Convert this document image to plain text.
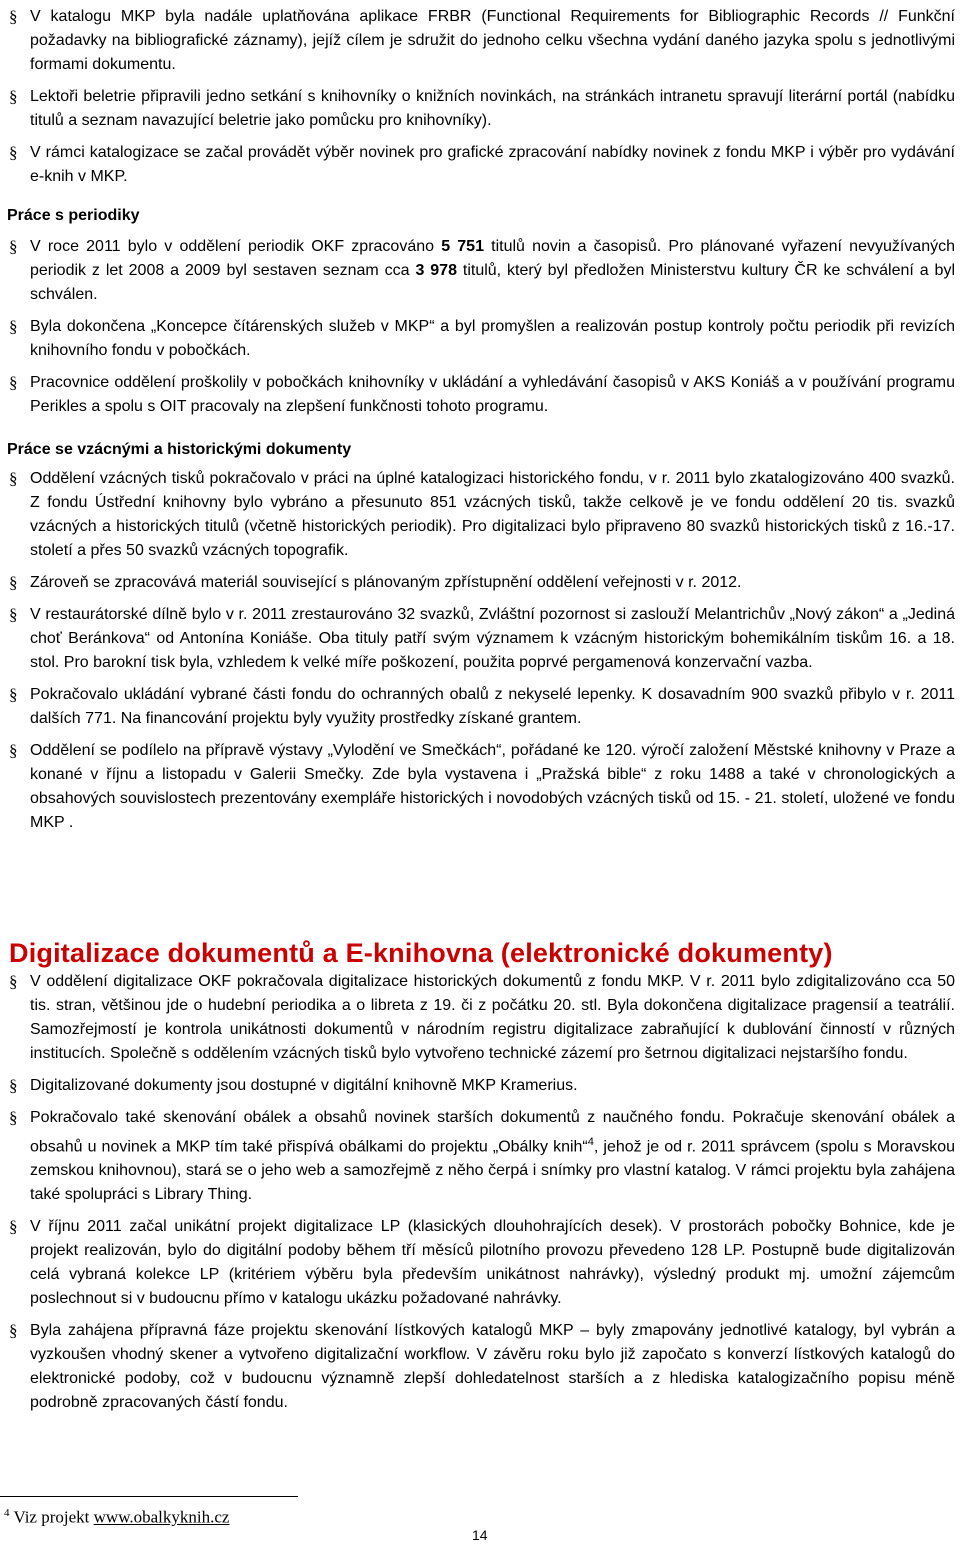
§ V katalogu MKP byla nadále uplatňována aplikace FRBR (Functional Requirements for Bibliographic Records // Funkční požadavky na bibliografické záznamy), jejíž cílem je sdružit do jednoho celku všechna vydání daného jazyka spolu s jednotlivými formami dokumentu.
§ Lektoři beletrie připravili jedno setkání s knihovníky o knižních novinkách, na stránkách intranetu spravují literární portál (nabídku titulů a seznam navazující beletrie jako pomůcku pro knihovníky).
§ V rámci katalogizace se začal provádět výběr novinek pro grafické zpracování nabídky novinek z fondu MKP i výběr pro vydávání e-knih v MKP.
Práce s periodiky
§ V roce 2011 bylo v oddělení periodik OKF zpracováno 5 751 titulů novin a časopisů. Pro plánované vyřazení nevyužívaných periodik z let 2008 a 2009 byl sestaven seznam cca 3 978 titulů, který byl předložen Ministerstvu kultury ČR ke schválení a byl schválen.
§ Byla dokončena „Koncepce čítárenských služeb v MKP“ a byl promyšlen a realizován postup kontroly počtu periodik při revizích knihovního fondu v pobočkách.
§ Pracovnice oddělení proškolily v pobočkách knihovníky v ukládání a vyhledávání časopisů v AKS Koniáš a v používání programu Perikles a spolu s OIT pracovaly na zlepšení funkčnosti tohoto programu.
Práce se vzácnými a historickými dokumenty
§ Oddělení vzácných tisků pokračovalo v práci na úplné katalogizaci historického fondu, v r. 2011 bylo zkatalogizováno 400 svazků. Z fondu Ústřední knihovny bylo vybráno a přesunuto 851 vzácných tisků, takže celkově je ve fondu oddělení 20 tis. svazků vzácných a historických titulů (včetně historických periodik). Pro digitalizaci bylo připraveno 80 svazků historických tisků z 16.-17. století a přes 50 svazků vzácných topografik.
§ Zároveň se zpracovává materiál související s plánovaným zpřístupnění oddělení veřejnosti v r. 2012.
§ V restaurátorské dílně bylo v r. 2011 zrestaurováno 32 svazků, Zvláštní pozornost si zaslouží Melantrichův „Nový zákon“ a „Jediná choť Beránkova“ od Antonína Koniáše. Oba tituly patří svým významem k vzácným historickým bohemikálním tiskům 16. a 18. stol. Pro barokní tisk byla, vzhledem k velké míře poškození, použita poprvé pergamenová konzervační vazba.
§ Pokračovalo ukládání vybrané části fondu do ochranných obalů z nekyselé lepenky. K dosavadním 900 svazků přibylo v r. 2011 dalších 771. Na financování projektu byly využity prostředky získané grantem.
§ Oddělení se podílelo na přípravě výstavy „Vylodění ve Smečkách“, pořádané ke 120. výročí založení Městské knihovny v Praze a konané v říjnu a listopadu v Galerii Smečky. Zde byla vystavena i „Pražská bible“ z roku 1488 a také v chronologických a obsahových souvislostech prezentovány exempláře historických i novodobých vzácných tisků od 15. - 21. století, uložené ve fondu MKP .
Digitalizace dokumentů a E-knihovna (elektronické dokumenty)
§ V oddělení digitalizace OKF pokračovala digitalizace historických dokumentů z fondu MKP. V r. 2011 bylo zdigitalizováno cca 50 tis. stran, většinou jde o hudební periodika a o libreta z 19. či z počátku 20. stl. Byla dokončena digitalizace pragensií a teatrálií. Samozřejmostí je kontrola unikátnosti dokumentů v národním registru digitalizace zabraňující k dublování činností v různých institucích. Společně s oddělením vzácných tisků bylo vytvořeno technické zázemí pro šetrnou digitalizaci nejstaršího fondu.
§ Digitalizované dokumenty jsou dostupné v digitální knihovně MKP Kramerius.
§ Pokračovalo také skenování obálek a obsahů novinek starších dokumentů z naučného fondu. Pokračuje skenování obálek a obsahů u novinek a MKP tím také přispívá obálkami do projektu „Obálky knih“$^4$, jehož je od r. 2011 správcem (spolu s Moravskou zemskou knihovnou), stará se o jeho web a samozřejmě z něho čerpá i snímky pro vlastní katalog. V rámci projektu byla zahájena také spolupráci s Library Thing.
§ V říjnu 2011 začal unikátní projekt digitalizace LP (klasických dlouhohrajících desek). V prostorách pobočky Bohnice, kde je projekt realizován, bylo do digitální podoby během tří měsíců pilotního provozu převedeno 128 LP. Postupně bude digitalizován celá vybraná kolekce LP (kritériem výběru byla především unikátnost nahrávky), výsledný produkt mj. umožní zájemcům poslechnout si v budoucnu přímo v katalogu ukázku požadované nahrávky.
§ Byla zahájena přípravná fáze projektu skenování lístkových katalogů MKP – byly zmapovány jednotlivé katalogy, byl vybrán a vyzkoušen vhodný skener a vytvořeno digitalizační workflow. V závěru roku bylo již započato s konverzí lístkových katalogů do elektronické podoby, což v budoucnu významně zlepší dohledatelnost starších a z hlediska katalogizačního popisu méně podrobně zpracovaných částí fondu.
$^4$ Viz projekt www.obalkyknih.cz
14
